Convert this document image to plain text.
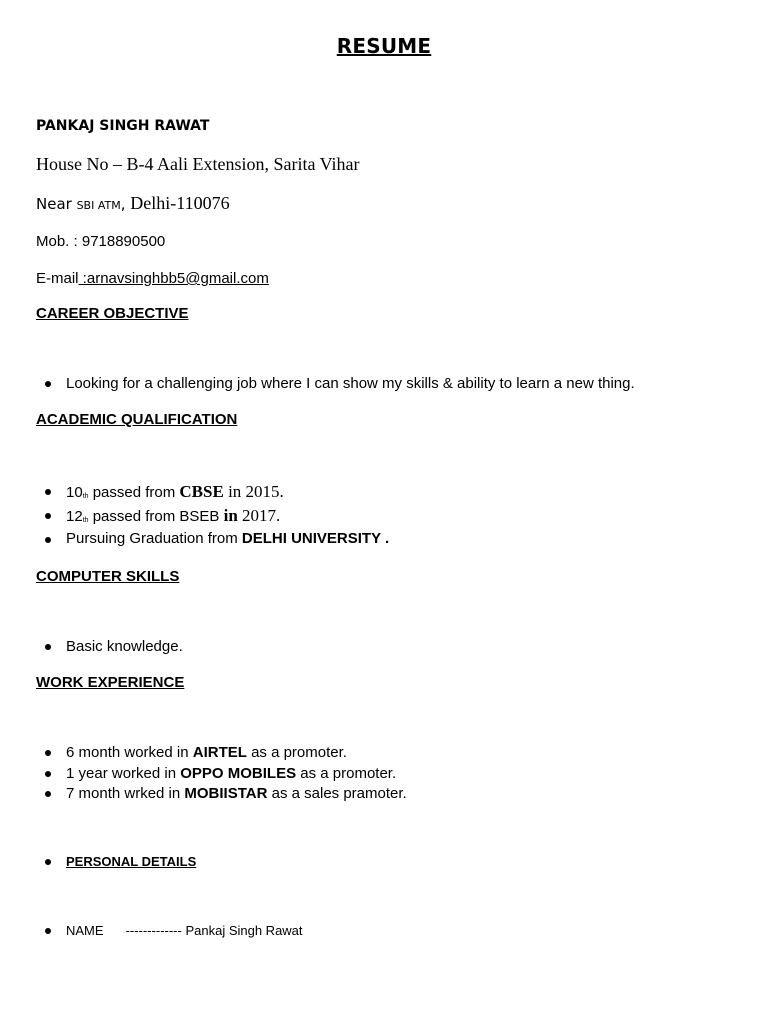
RESUME
PANKAJ SINGH RAWAT
House No – B-4 Aali Extension, Sarita Vihar
Near SBI ATM, Delhi-110076
Mob. : 9718890500
E-mail :arnavsinghbb5@gmail.com
CAREER OBJECTIVE
Looking for a challenging job where I can show my skills & ability to learn a new thing.
ACADEMIC QUALIFICATION
10th passed from CBSE in 2015.
12th passed from BSEB in 2017.
Pursuing Graduation from DELHI UNIVERSITY .
COMPUTER SKILLS
Basic knowledge.
WORK EXPERIENCE
6 month worked in AIRTEL as a promoter.
1 year worked in OPPO MOBILES as a promoter.
7 month wrked in MOBIISTAR as a sales pramoter.
PERSONAL DETAILS
NAME ------------- Pankaj Singh Rawat
